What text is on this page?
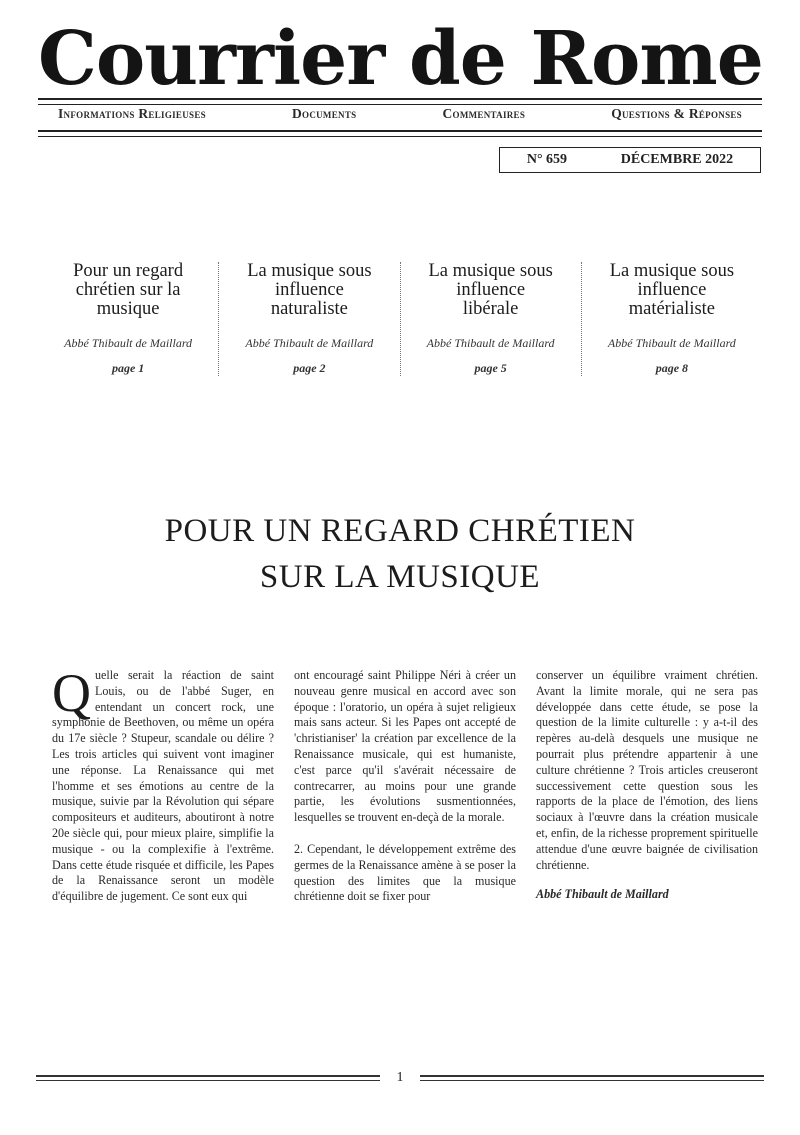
Courrier de Rome
Informations Religieuses	Documents	Commentaires	Questions & Réponses
N° 659	DÉCEMBRE 2022
Pour un regard chrétien sur la musique
Abbé Thibault de Maillard
page 1
La musique sous influence naturaliste
Abbé Thibault de Maillard
page 2
La musique sous influence libérale
Abbé Thibault de Maillard
page 5
La musique sous influence matérialiste
Abbé Thibault de Maillard
page 8
POUR UN REGARD CHRÉTIEN
SUR LA MUSIQUE

Quelle serait la réaction de saint Louis, ou de l'abbé Suger, en entendant un concert rock, une symphonie de Beethoven, ou même un opéra du 17e siècle ? Stupeur, scandale ou délire ? Les trois articles qui suivent vont imaginer une réponse. La Renaissance qui met l'homme et ses émotions au centre de la musique, suivie par la Révolution qui sépare compositeurs et auditeurs, aboutiront à notre 20e siècle qui, pour mieux plaire, simplifie la musique - ou la complexifie à l'extrême. Dans cette étude risquée et difficile, les Papes de la Renaissance seront un modèle d'équilibre de jugement. Ce sont eux qui

ont encouragé saint Philippe Néri à créer un nouveau genre musical en accord avec son époque : l'oratorio, un opéra à sujet religieux mais sans acteur. Si les Papes ont accepté de 'christianiser' la création par excellence de la Renaissance musicale, qui est humaniste, c'est parce qu'il s'avérait nécessaire de contrecarrer, au moins pour une grande partie, les évolutions susmentionnées, lesquelles se trouvent en-deçà de la morale.

2. Cependant, le développement extrême des germes de la Renaissance amène à se poser la question des limites que la musique chrétienne doit se fixer pour

conserver un équilibre vraiment chrétien. Avant la limite morale, qui ne sera pas développée dans cette étude, se pose la question de la limite culturelle : y a-t-il des repères au-delà desquels une musique ne pourrait plus prétendre appartenir à une culture chrétienne ? Trois articles creuseront successivement cette question sous les rapports de la place de l'émotion, des liens sociaux à l'œuvre dans la création musicale et, enfin, de la richesse proprement spirituelle attendue d'une œuvre baignée de civilisation chrétienne.

Abbé Thibault de Maillard

1
